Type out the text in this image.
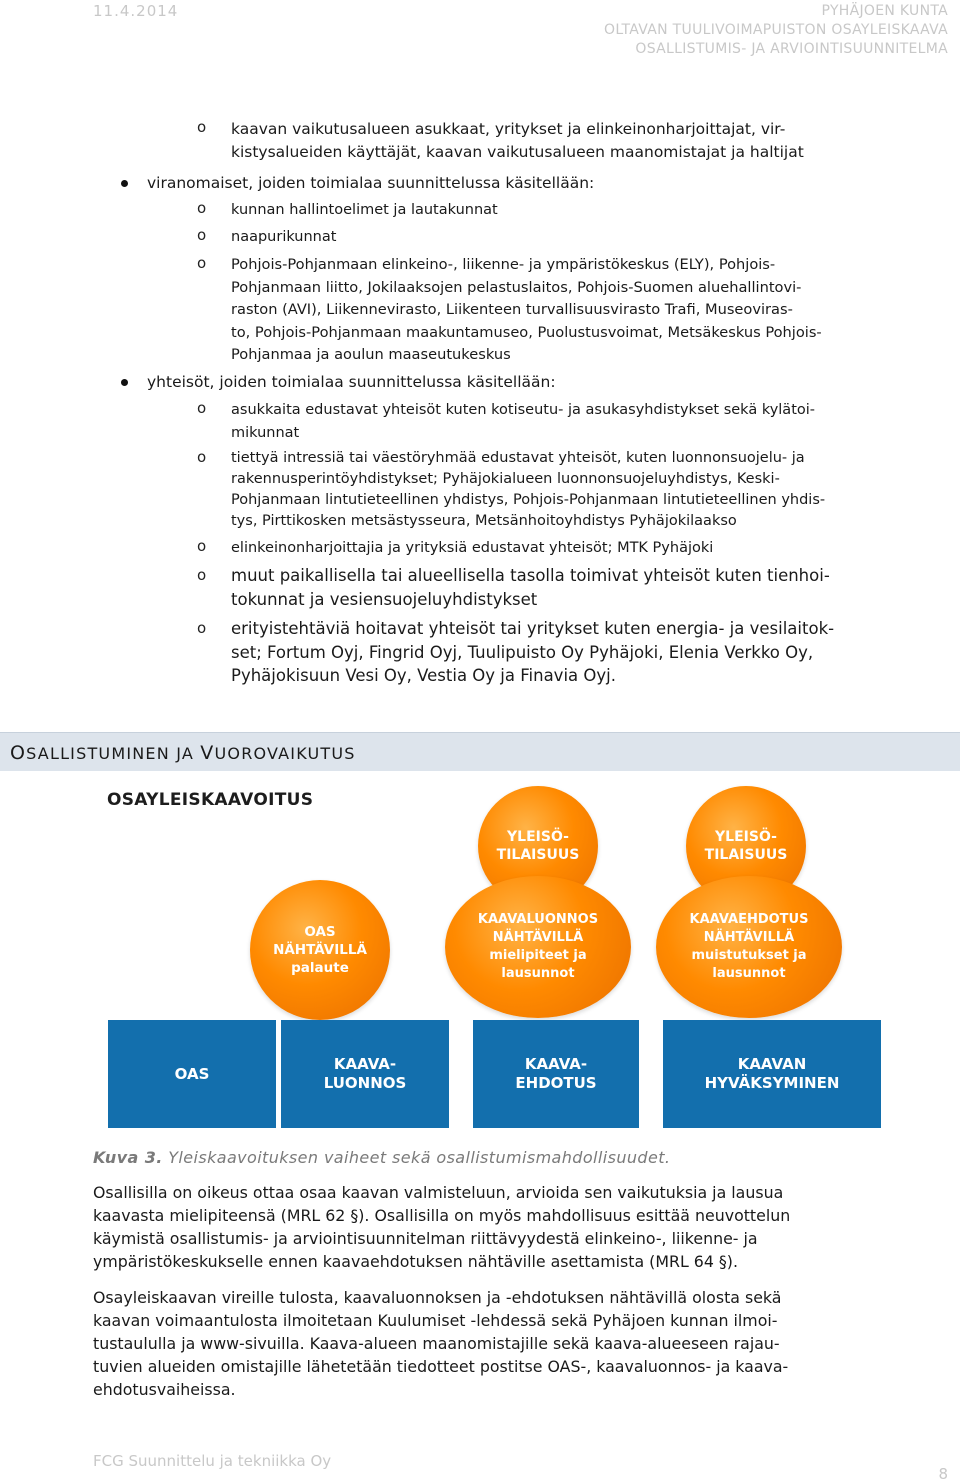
11.4.2014	PYHÄJOEN KUNTA
OLTAVAN TUULIVOIMAPUISTON OSAYLEISKAAVA
OSALLISTUMIS- JA ARVIOINTISUUNNITELMA
o kaavan vaikutusalueen asukkaat, yritykset ja elinkeinonharjoittajat, vir-
kistysalueiden käyttäjät, kaavan vaikutusalueen maanomistajat ja haltijat
viranomaiset, joiden toimialaa suunnittelussa käsitellään:
o kunnan hallintoelimet ja lautakunnat
o naapurikunnat
o Pohjois-Pohjanmaan elinkeino-, liikenne- ja ympäristökeskus (ELY), Pohjois-
Pohjanmaan liitto, Jokilaaksojen pelastuslaitos, Pohjois-Suomen aluehallintovi-
raston (AVI), Liikennevirasto, Liikenteen turvallisuusvirasto Trafi, Museoviras-
to, Pohjois-Pohjanmaan maakuntamuseo, Puolustusvoimat, Metsäkeskus Pohjois-
Pohjanmaa ja aoulun maaseutukeskus
yhteisöt, joiden toimialaa suunnittelussa käsitellään:
o asukkaita edustavat yhteisöt kuten kotiseutu- ja asukasyhdistykset sekä kylätoi-
mikunnat
o tiettyä intressiä tai väestöryhmää edustavat yhteisöt, kuten luonnonsuojelu- ja
rakennusperintöyhdistykset; Pyhäjokialueen luonnonsuojeluyhdistys, Keski-
Pohjanmaan lintutieteellinen yhdistys, Pohjois-Pohjanmaan lintutieteellinen yhdis-
tys, Pirttikosken metsästysseura, Metsänhoitoyhdistys Pyhäjokilaakso
o elinkeinonharjoittajia ja yrityksiä edustavat yhteisöt; MTK Pyhäjoki
o muut paikallisella tai alueellisella tasolla toimivat yhteisöt kuten tienhoi-
tokunnat ja vesiensuojeluyhdistykset
o erityistehtäviä hoitavat yhteisöt tai yritykset kuten energia- ja vesilaitok-
set; Fortum Oyj, Fingrid Oyj, Tuulipuisto Oy Pyhäjoki, Elenia Verkko Oy,
Pyhäjokisuun Vesi Oy, Vestia Oy ja Finavia Oyj.
OSALLISTUMINEN JA VUOROVAIKUTUS
OSAYLEISKAAVOITUS
YLEISÖ-
TILAISUUS
YLEISÖ-
TILAISUUS
OAS
NÄHTÄVILLÄ
palaute
KAAVALUONNOS
NÄHTÄVILLÄ
mielipiteet ja
lausunnot
KAAVAEHDOTUS
NÄHTÄVILLÄ
muistutukset ja
lausunnot
OAS
KAAVA-
LUONNOS
KAAVA-
EHDOTUS
KAAVAN
HYVÄKSYMINEN
Kuva 3. Yleiskaavoituksen vaiheet sekä osallistumismahdollisuudet.
Osallisilla on oikeus ottaa osaa kaavan valmisteluun, arvioida sen vaikutuksia ja lausua
kaavasta mielipiteensä (MRL 62 §). Osallisilla on myös mahdollisuus esittää neuvottelun
käymistä osallistumis- ja arviointisuunnitelman riittävyydestä elinkeino-, liikenne- ja
ympäristökeskukselle ennen kaavaehdotuksen nähtäville asettamista (MRL 64 §).
Osayleiskaavan vireille tulosta, kaavaluonnoksen ja -ehdotuksen nähtävillä olosta sekä
kaavan voimaantulosta ilmoitetaan Kuulumiset -lehdessä sekä Pyhäjoen kunnan ilmoi-
tustaululla ja www-sivuilla. Kaava-alueen maanomistajille sekä kaava-alueeseen rajau-
tuvien alueiden omistajille lähetetään tiedotteet postitse OAS-, kaavaluonnos- ja kaava-
ehdotusvaiheissa.
FCG Suunnittelu ja tekniikka Oy
8
